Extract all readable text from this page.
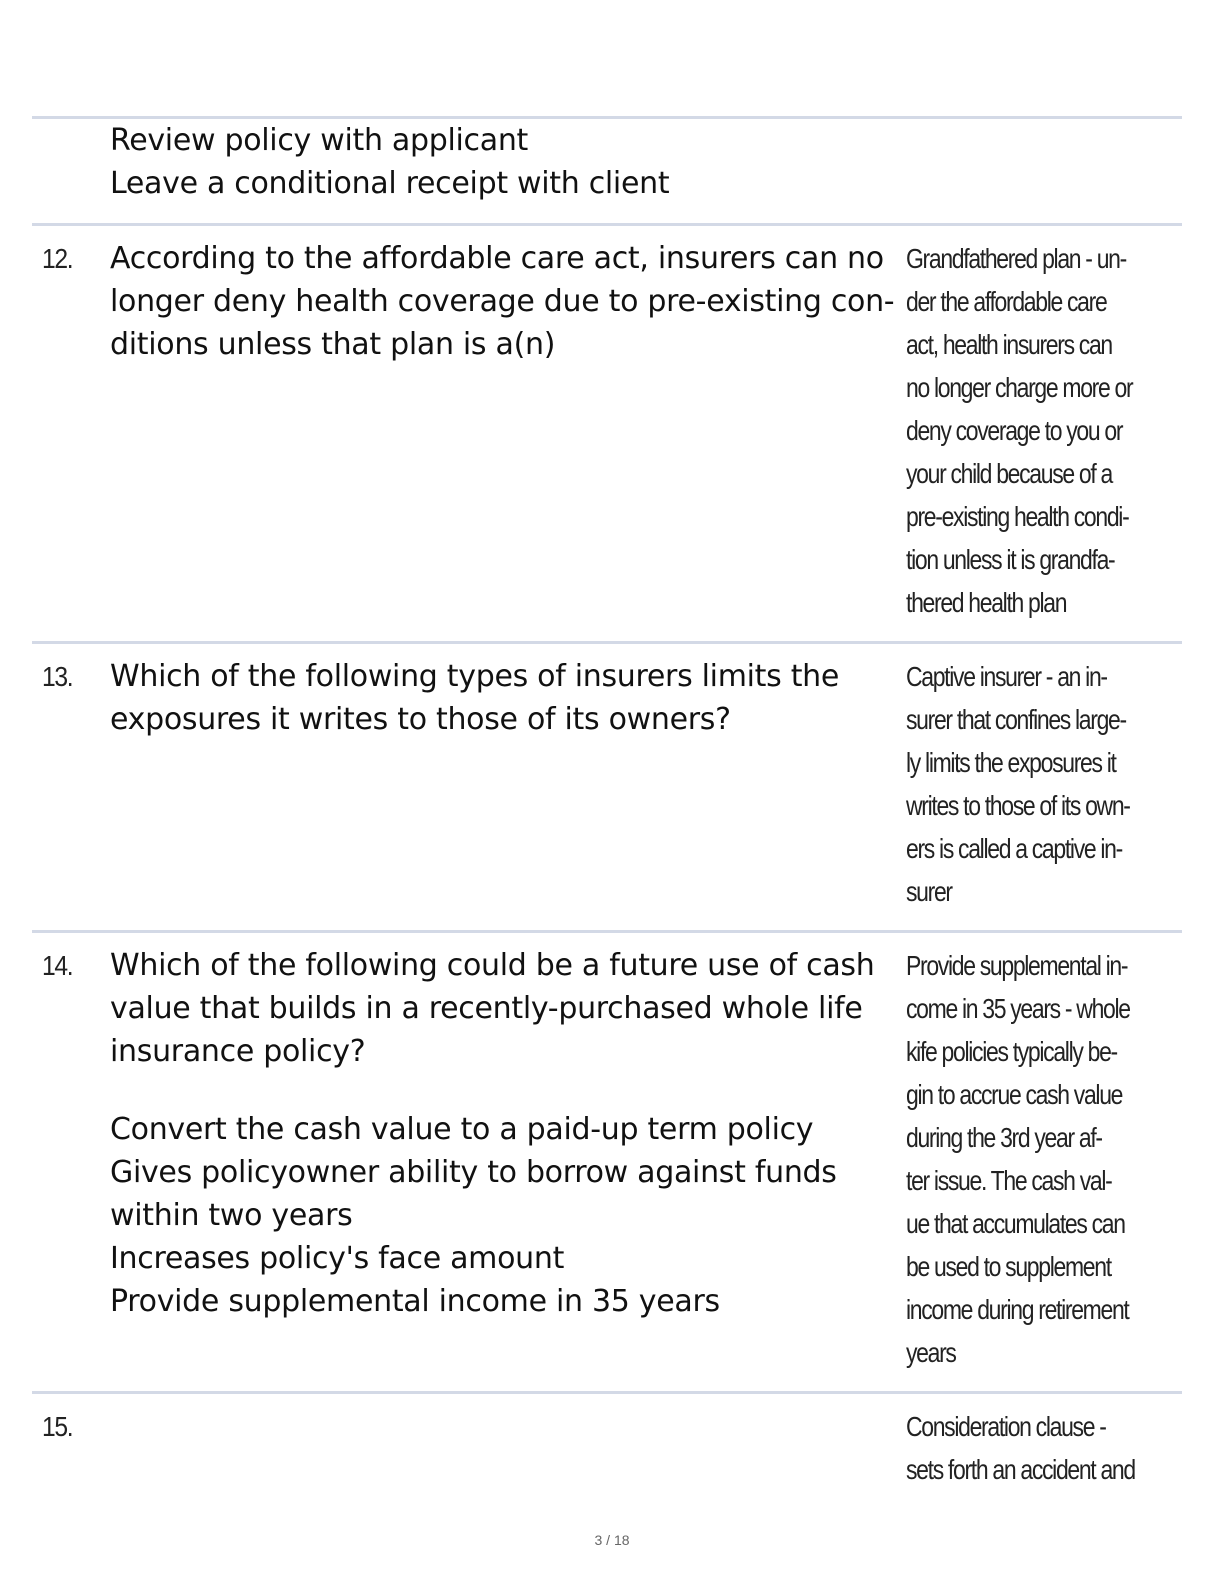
Review policy with applicant
Leave a conditional receipt with client
12. According to the affordable care act, insurers can no
longer deny health coverage due to pre-existing con-
ditions unless that plan is a(n)
Grandfathered plan - un-
der the affordable care
act, health insurers can
no longer charge more or
deny coverage to you or
your child because of a
pre-existing health condi-
tion unless it is grandfa-
thered health plan
13. Which of the following types of insurers limits the
exposures it writes to those of its owners?
Captive insurer - an in-
surer that confines large-
ly limits the exposures it
writes to those of its own-
ers is called a captive in-
surer
14. Which of the following could be a future use of cash
value that builds in a recently-purchased whole life
insurance policy?
Convert the cash value to a paid-up term policy
Gives policyowner ability to borrow against funds
within two years
Increases policy's face amount
Provide supplemental income in 35 years
Provide supplemental in-
come in 35 years - whole
kife policies typically be-
gin to accrue cash value
during the 3rd year af-
ter issue. The cash val-
ue that accumulates can
be used to supplement
income during retirement
years
15.	Consideration clause -
sets forth an accident and
3 / 18
